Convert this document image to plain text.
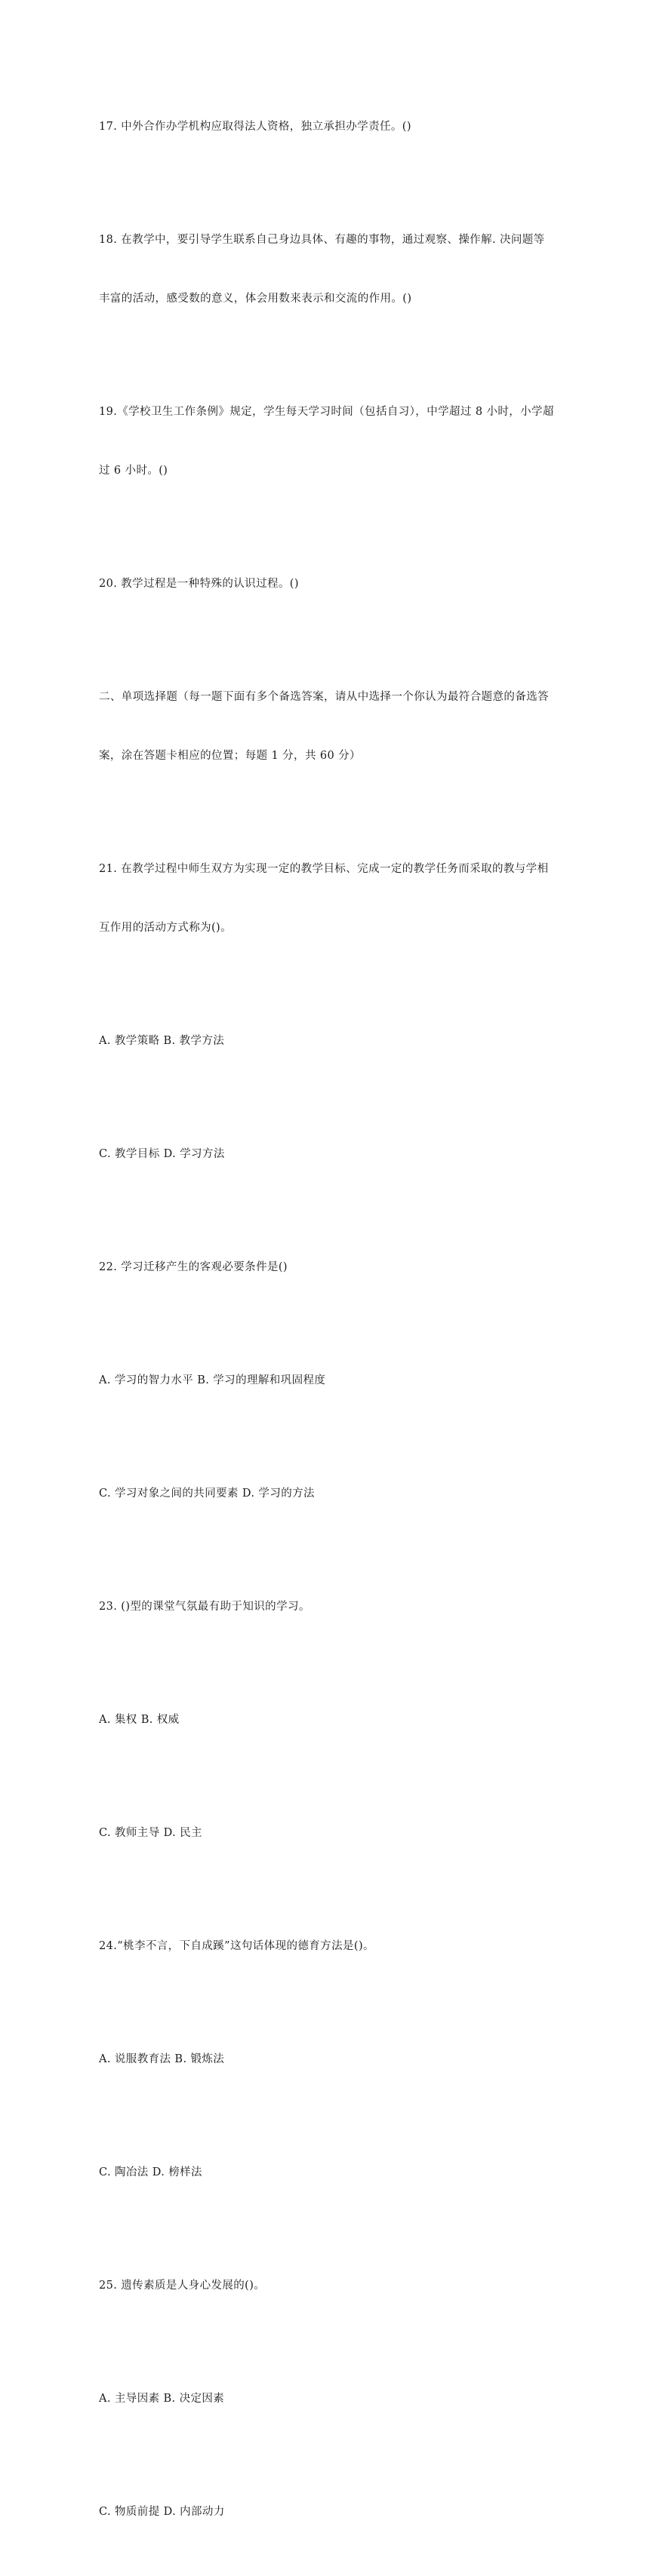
17. 中外合作办学机构应取得法人资格，独立承担办学责任。()

18. 在教学中，要引导学生联系自己身边具体、有趣的事物，通过观察、操作解. 决问题等

丰富的活动，感受数的意义，体会用数来表示和交流的作用。()

19.《学校卫生工作条例》规定，学生每天学习时间（包括自习），中学超过 8 小时，小学超

过 6 小时。()

20. 教学过程是一种特殊的认识过程。()

二、单项选择题（每一题下面有多个备选答案，请从中选择一个你认为最符合题意的备选答

案，涂在答题卡相应的位置；每题 1 分，共 60 分）

21. 在教学过程中师生双方为实现一定的教学目标、完成一定的教学任务而采取的教与学相

互作用的活动方式称为()。

A. 教学策略 B. 教学方法

C. 教学目标 D. 学习方法

22. 学习迁移产生的客观必要条件是()

A. 学习的智力水平 B. 学习的理解和巩固程度

C. 学习对象之间的共同要素 D. 学习的方法

23. ()型的课堂气氛最有助于知识的学习。

A. 集权 B. 权威

C. 教师主导 D. 民主

24.“桃李不言，下自成蹊”这句话体现的德育方法是()。

A. 说服教育法 B. 锻炼法

C. 陶冶法 D. 榜样法

25. 遗传素质是人身心发展的()。

A. 主导因素 B. 决定因素

C. 物质前提 D. 内部动力
